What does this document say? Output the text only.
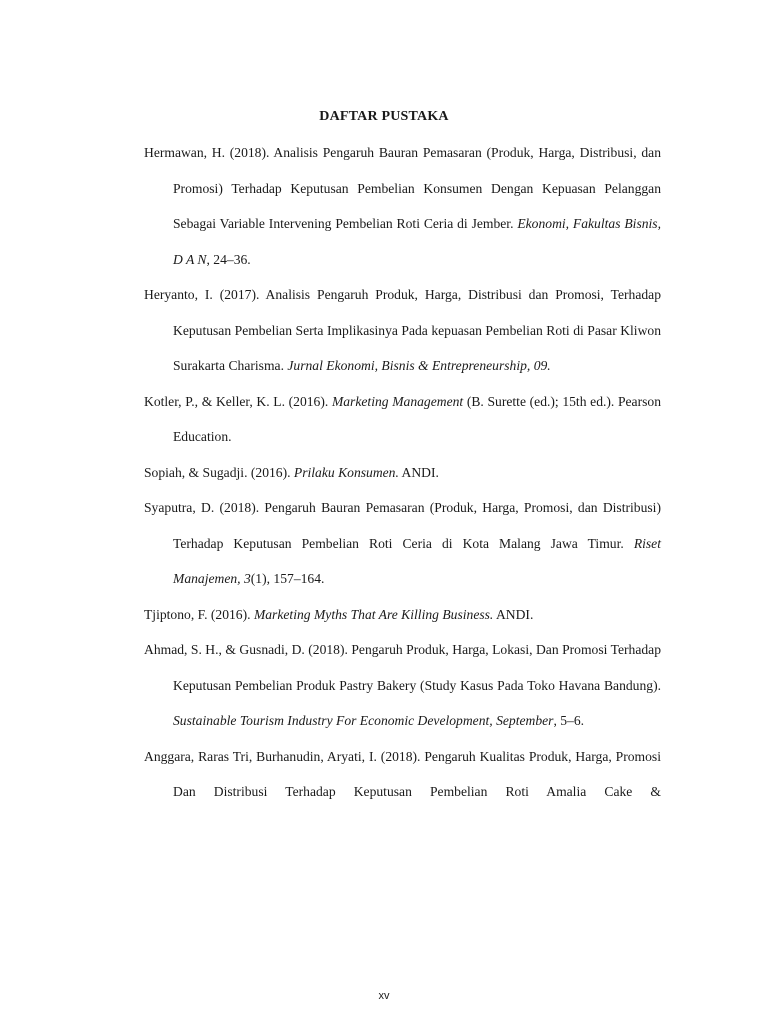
DAFTAR PUSTAKA

Hermawan, H. (2018). Analisis Pengaruh Bauran Pemasaran (Produk, Harga, Distribusi, dan Promosi) Terhadap Keputusan Pembelian Konsumen Dengan Kepuasan Pelanggan Sebagai Variable Intervening Pembelian Roti Ceria di Jember. Ekonomi, Fakultas Bisnis, D A N, 24–36.

Heryanto, I. (2017). Analisis Pengaruh Produk, Harga, Distribusi dan Promosi, Terhadap Keputusan Pembelian Serta Implikasinya Pada kepuasan Pembelian Roti di Pasar Kliwon Surakarta Charisma. Jurnal Ekonomi, Bisnis & Entrepreneurship, 09.

Kotler, P., & Keller, K. L. (2016). Marketing Management (B. Surette (ed.); 15th ed.). Pearson Education.

Sopiah, & Sugadji. (2016). Prilaku Konsumen. ANDI.

Syaputra, D. (2018). Pengaruh Bauran Pemasaran (Produk, Harga, Promosi, dan Distribusi) Terhadap Keputusan Pembelian Roti Ceria di Kota Malang Jawa Timur. Riset Manajemen, 3(1), 157–164.

Tjiptono, F. (2016). Marketing Myths That Are Killing Business. ANDI.

Ahmad, S. H., & Gusnadi, D. (2018). Pengaruh Produk, Harga, Lokasi, Dan Promosi Terhadap Keputusan Pembelian Produk Pastry Bakery (Study Kasus Pada Toko Havana Bandung). Sustainable Tourism Industry For Economic Development, September, 5–6.

Anggara, Raras Tri, Burhanudin, Aryati, I. (2018). Pengaruh Kualitas Produk, Harga, Promosi Dan Distribusi Terhadap Keputusan Pembelian Roti Amalia Cake &

xv
